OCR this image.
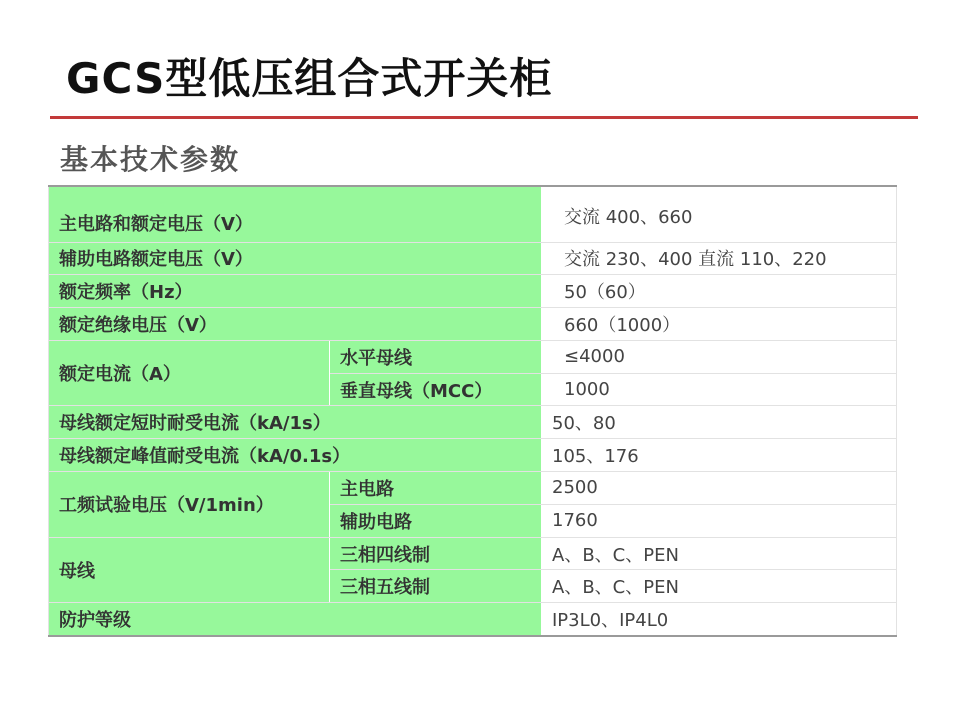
GCS型低压组合式开关柜
基本技术参数
主电路和额定电压（V）		交流 400、660
辅助电路额定电压（V）		交流 230、400 直流 110、220
额定频率（Hz）		50（60）
额定绝缘电压（V）		660（1000）
额定电流（A）	水平母线	≤4000
	垂直母线（MCC）	1000
母线额定短时耐受电流（kA/1s）		50、80
母线额定峰值耐受电流（kA/0.1s）		105、176
工频试验电压（V/1min）	主电路	2500
	辅助电路	1760
母线	三相四线制	A、B、C、PEN
	三相五线制	A、B、C、PEN
防护等级		IP3L0、IP4L0
